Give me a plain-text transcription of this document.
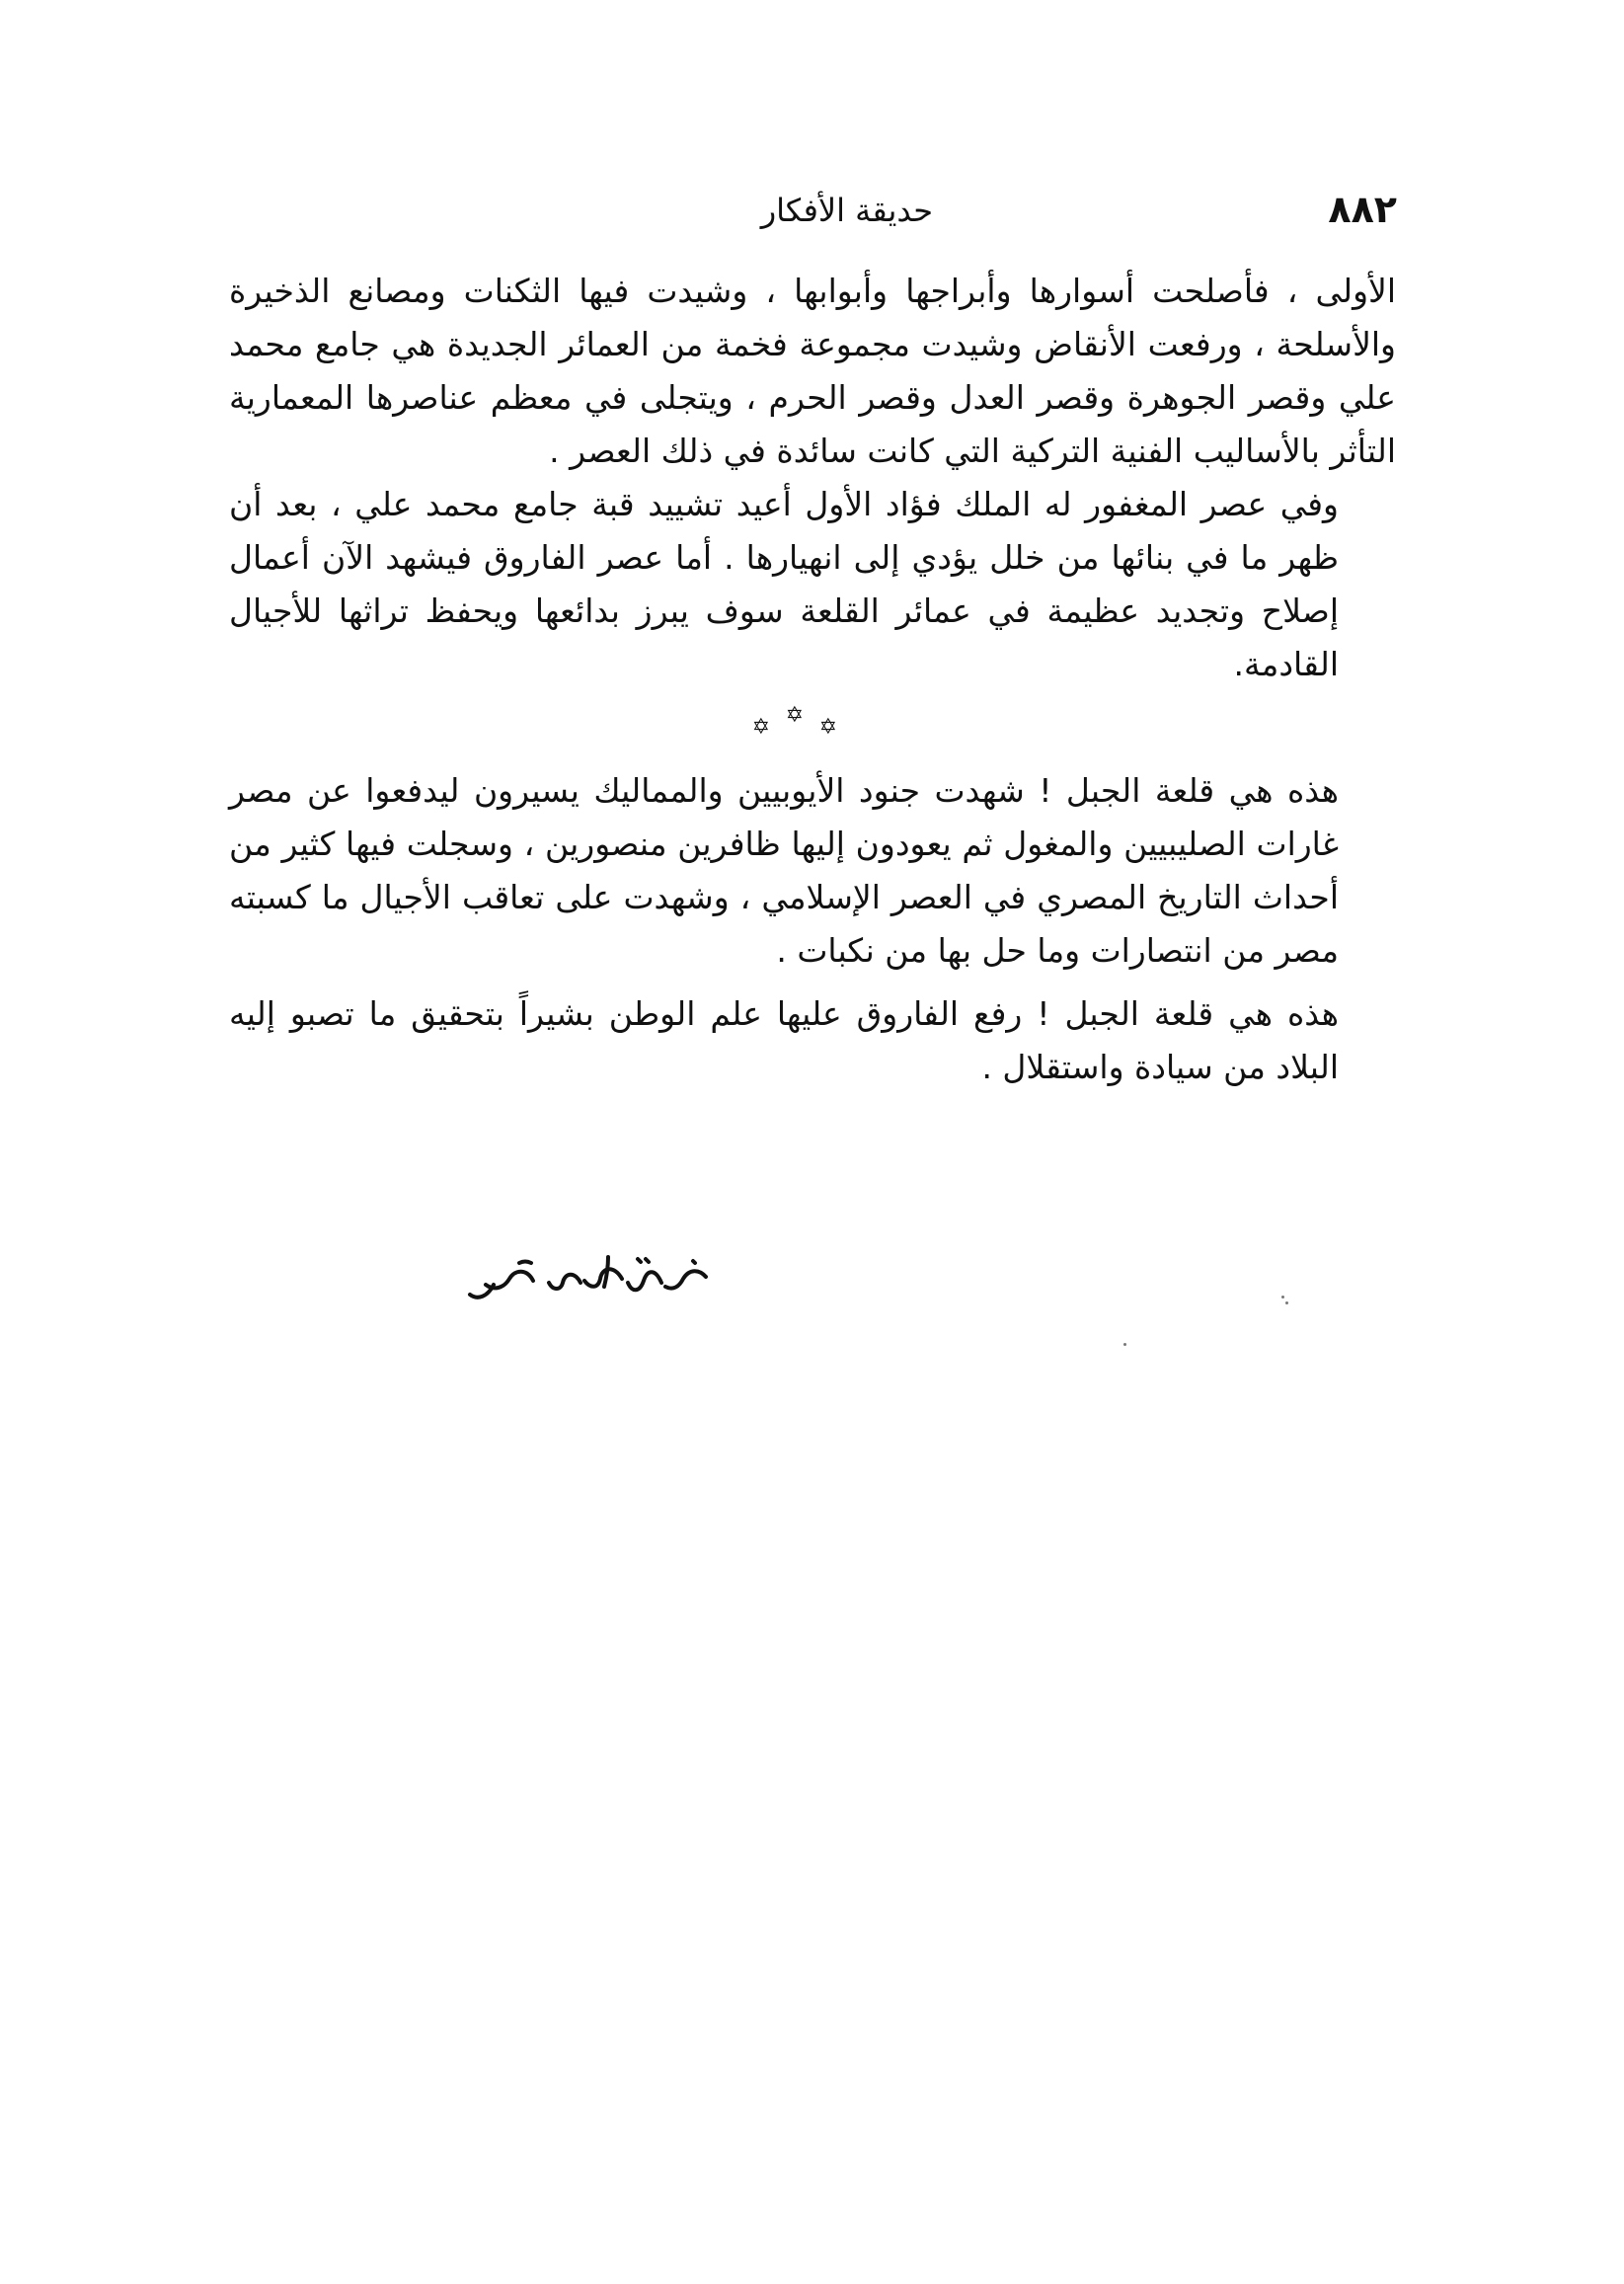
٨٨٢
حديقة الأفكار

الأولى ، فأصلحت أسوارها وأبراجها وأبوابها ، وشيدت فيها الثكنات ومصانع الذخيرة والأسلحة ، ورفعت الأنقاض وشيدت مجموعة فخمة من العمائر الجديدة هي جامع محمد علي وقصر الجوهرة وقصر العدل وقصر الحرم ، ويتجلى في معظم عناصرها المعمارية التأثر بالأساليب الفنية التركية التي كانت سائدة في ذلك العصر .

وفي عصر المغفور له الملك فؤاد الأول أعيد تشييد قبة جامع محمد علي ، بعد أن ظهر ما في بنائها من خلل يؤدي إلى انهيارها . أما عصر الفاروق فيشهد الآن أعمال إصلاح وتجديد عظيمة في عمائر القلعة سوف يبرز بدائعها ويحفظ تراثها للأجيال القادمة.

✡
✡
✡

هذه هي قلعة الجبل ! شهدت جنود الأيوبيين والمماليك يسيرون ليدفعوا عن مصر غارات الصليبيين والمغول ثم يعودون إليها ظافرين منصورين ، وسجلت فيها كثير من أحداث التاريخ المصري في العصر الإسلامي ، وشهدت على تعاقب الأجيال ما كسبته مصر من انتصارات وما حل بها من نكبات .

هذه هي قلعة الجبل ! رفع الفاروق عليها علم الوطن بشيراً بتحقيق ما تصبو إليه البلاد من سيادة واستقلال .
